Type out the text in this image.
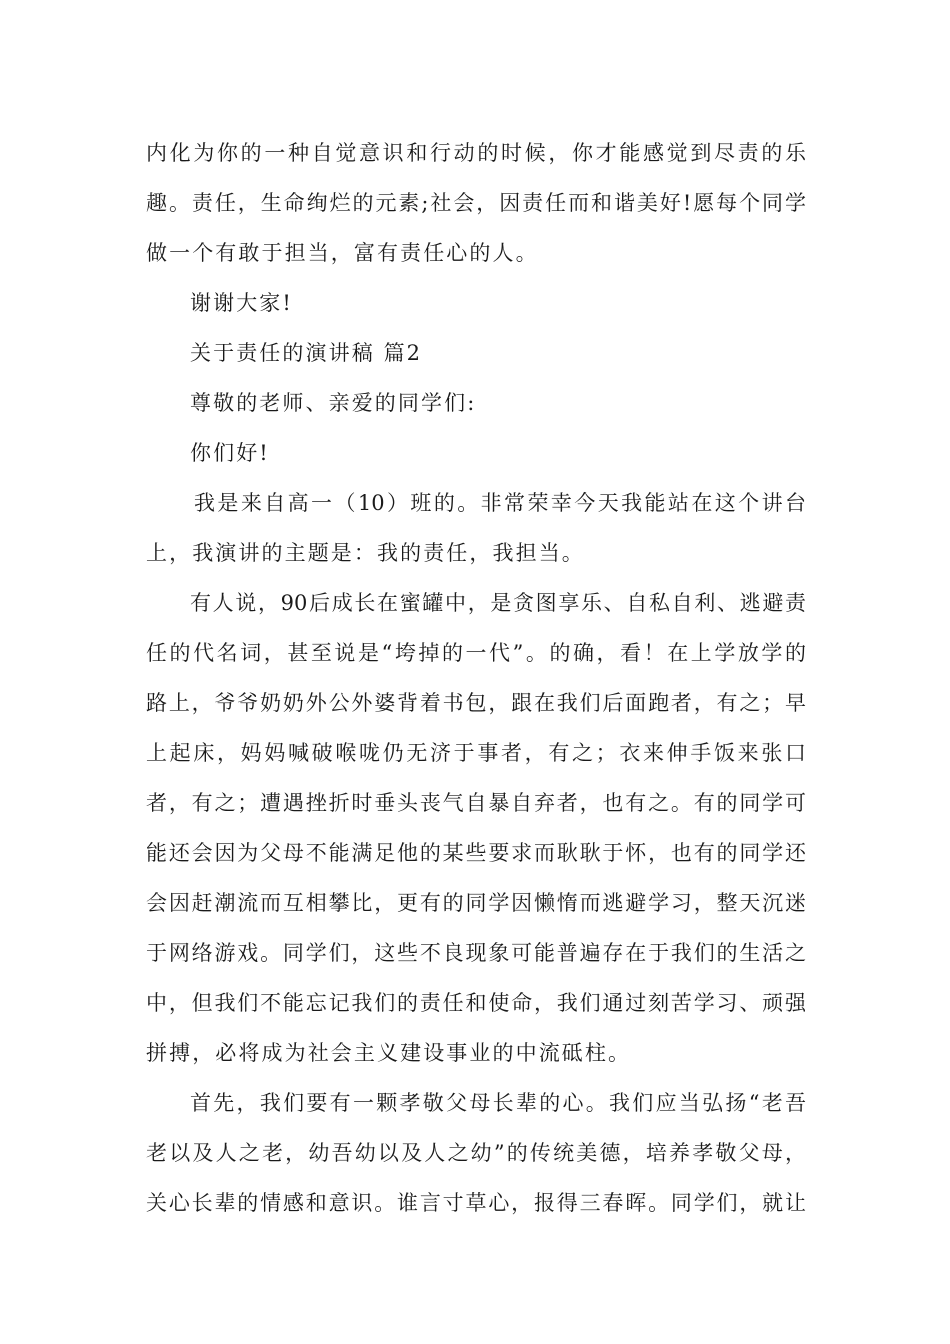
内化为你的一种自觉意识和行动的时候，你才能感觉到尽责的乐
趣。责任，生命绚烂的元素;社会，因责任而和谐美好!愿每个同学
做一个有敢于担当，富有责任心的人。
谢谢大家!
关于责任的演讲稿 篇2
尊敬的老师、亲爱的同学们:
你们好!
我是来自高一（10）班的。非常荣幸今天我能站在这个讲台
上，我演讲的主题是：我的责任，我担当。
有人说，90后成长在蜜罐中，是贪图享乐、自私自利、逃避责
任的代名词，甚至说是“垮掉的一代”。的确，看！在上学放学的
路上，爷爷奶奶外公外婆背着书包，跟在我们后面跑者，有之；早
上起床，妈妈喊破喉咙仍无济于事者，有之；衣来伸手饭来张口
者，有之；遭遇挫折时垂头丧气自暴自弃者，也有之。有的同学可
能还会因为父母不能满足他的某些要求而耿耿于怀，也有的同学还
会因赶潮流而互相攀比，更有的同学因懒惰而逃避学习，整天沉迷
于网络游戏。同学们，这些不良现象可能普遍存在于我们的生活之
中，但我们不能忘记我们的责任和使命，我们通过刻苦学习、顽强
拼搏，必将成为社会主义建设事业的中流砥柱。
首先，我们要有一颗孝敬父母长辈的心。我们应当弘扬“老吾
老以及人之老，幼吾幼以及人之幼”的传统美德，培养孝敬父母，
关心长辈的情感和意识。谁言寸草心，报得三春晖。同学们，就让
